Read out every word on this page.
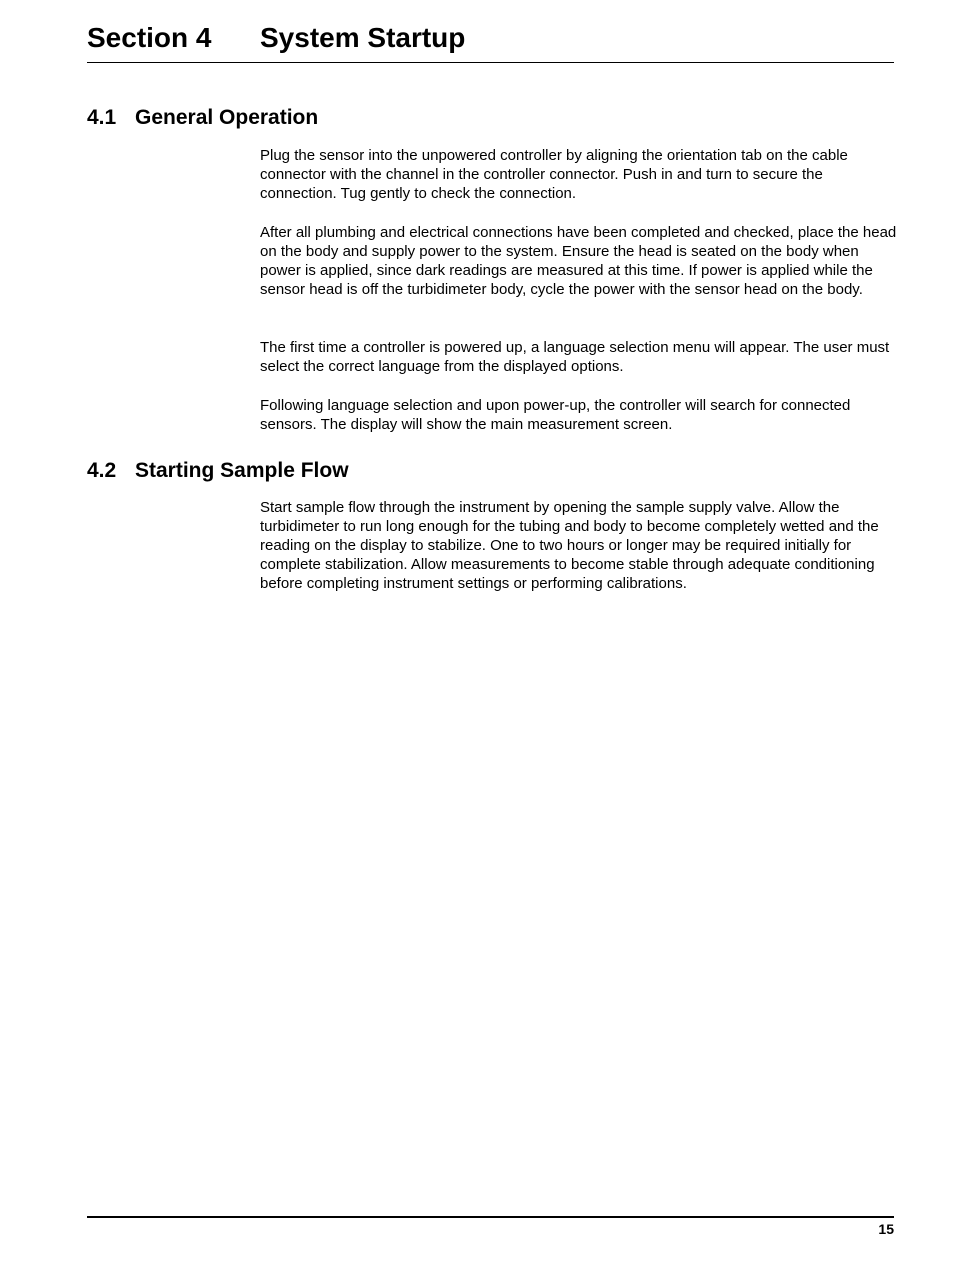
Section 4 System Startup
4.1 General Operation

Plug the sensor into the unpowered controller by aligning the orientation tab on the cable connector with the channel in the controller connector. Push in and turn to secure the connection. Tug gently to check the connection.

After all plumbing and electrical connections have been completed and checked, place the head on the body and supply power to the system. Ensure the head is seated on the body when power is applied, since dark readings are measured at this time. If power is applied while the sensor head is off the turbidimeter body, cycle the power with the sensor head on the body.

The first time a controller is powered up, a language selection menu will appear. The user must select the correct language from the displayed options.

Following language selection and upon power-up, the controller will search for connected sensors. The display will show the main measurement screen.

4.2 Starting Sample Flow

Start sample flow through the instrument by opening the sample supply valve. Allow the turbidimeter to run long enough for the tubing and body to become completely wetted and the reading on the display to stabilize. One to two hours or longer may be required initially for complete stabilization. Allow measurements to become stable through adequate conditioning before completing instrument settings or performing calibrations.

15
